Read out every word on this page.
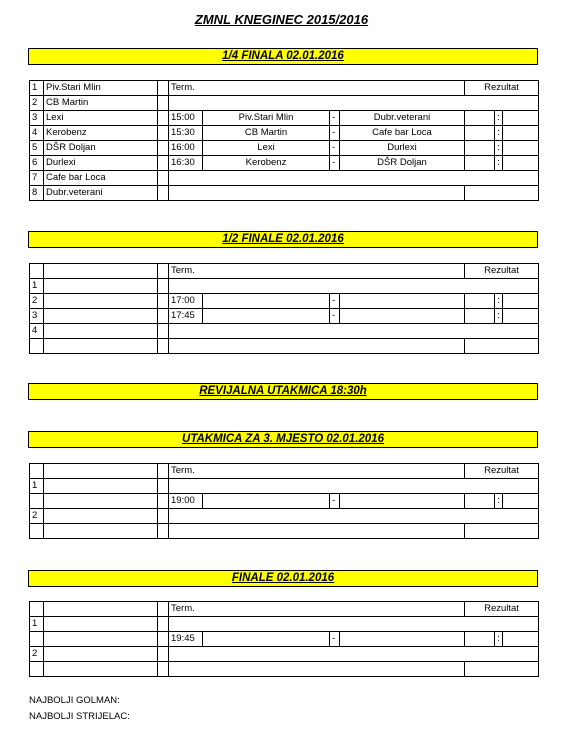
ZMNL KNEGINEC 2015/2016
1/4 FINALA 02.01.2016
1	Piv.Stari Mlin		Term.				Rezultat		
2	CB Martin								
3	Lexi		15:00	Piv.Stari Mlin	-	Dubr.veterani		:	
4	Kerobenz		15:30	CB Martin	-	Cafe bar Loca		:	
5	DŠR Doljan		16:00	Lexi	-	Durlexi		:	
6	Durlexi		16:30	Kerobenz	-	DŠR Doljan		:	
7	Cafe bar Loca								
8	Dubr.veterani								
1/2 FINALE 02.01.2016
			Term.				Rezultat		
1									
2			17:00		-			:	
3			17:45		-			:	
4									

REVIJALNA UTAKMICA 18:30h
UTAKMICA ZA 3. MJESTO 02.01.2016
			Term.				Rezultat		
1									
			19:00		-			:	
2									

FINALE 02.01.2016
			Term.				Rezultat		
1									
			19:45		-			:	
2									

NAJBOLJI GOLMAN:
NAJBOLJI STRIJELAC:
